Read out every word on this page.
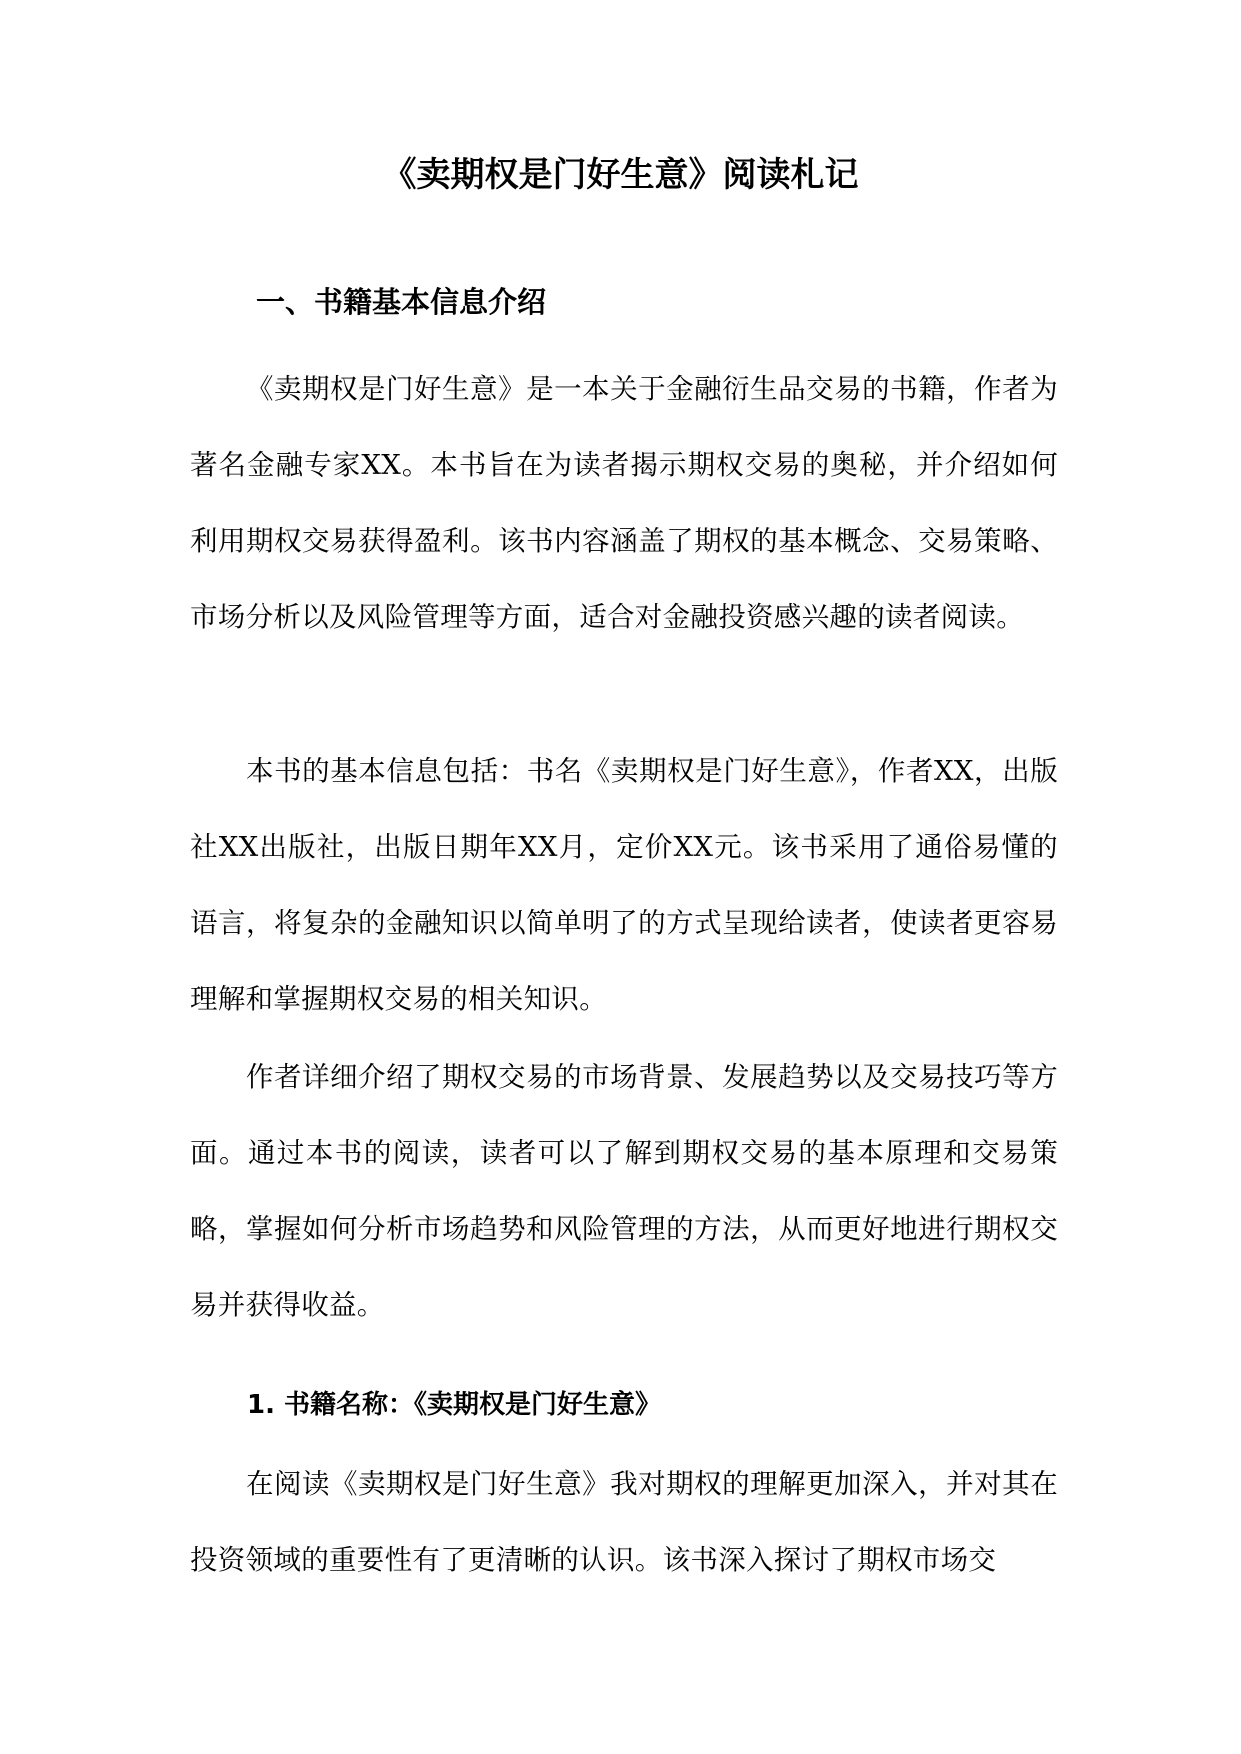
《卖期权是门好生意》阅读札记
一、书籍基本信息介绍

《卖期权是门好生意》是一本关于金融衍生品交易的书籍，作者为著名金融专家XX。本书旨在为读者揭示期权交易的奥秘，并介绍如何利用期权交易获得盈利。该书内容涵盖了期权的基本概念、交易策略、市场分析以及风险管理等方面，适合对金融投资感兴趣的读者阅读。

本书的基本信息包括：书名《卖期权是门好生意》，作者XX，出版社XX出版社，出版日期年XX月，定价XX元。该书采用了通俗易懂的语言，将复杂的金融知识以简单明了的方式呈现给读者，使读者更容易理解和掌握期权交易的相关知识。

作者详细介绍了期权交易的市场背景、发展趋势以及交易技巧等方面。通过本书的阅读，读者可以了解到期权交易的基本原理和交易策略，掌握如何分析市场趋势和风险管理的方法，从而更好地进行期权交易并获得收益。

1. 书籍名称：《卖期权是门好生意》

在阅读《卖期权是门好生意》我对期权的理解更加深入，并对其在投资领域的重要性有了更清晰的认识。该书深入探讨了期权市场交
